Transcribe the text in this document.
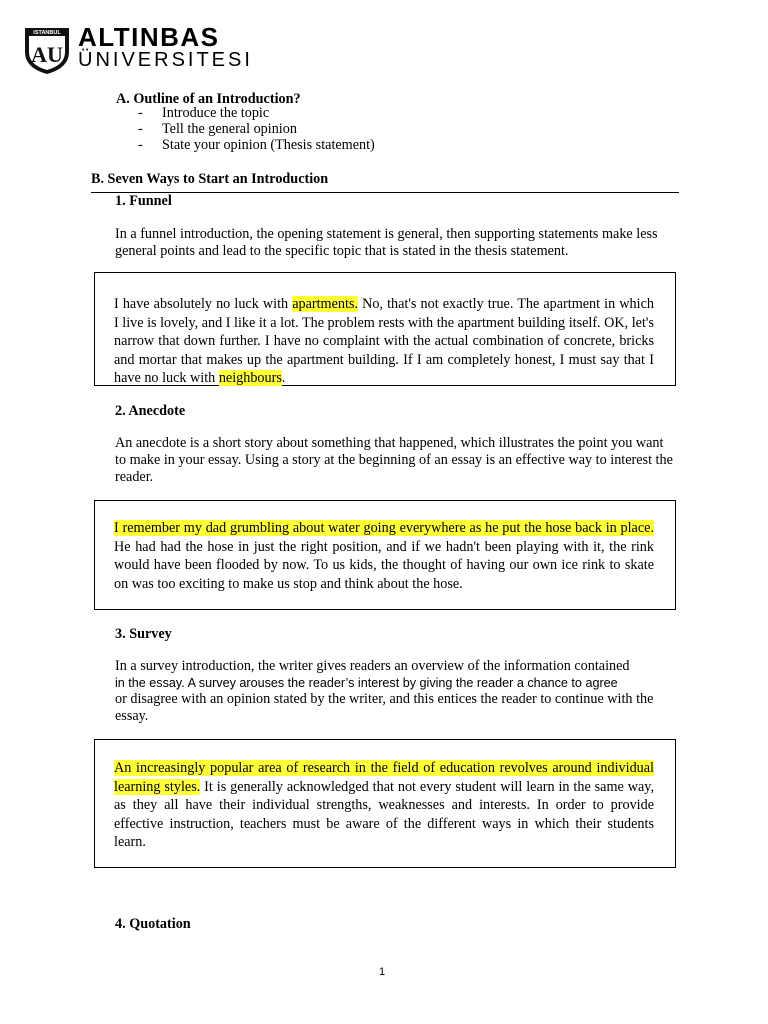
ISTANBUL
AU
ALTINBAS
ÜNIVERSITESI
A. Outline of an Introduction?
- Introduce the topic
- Tell the general opinion
- State your opinion (Thesis statement)
B. Seven Ways to Start an Introduction
1. Funnel
In a funnel introduction, the opening statement is general, then supporting statements make less general points and lead to the specific topic that is stated in the thesis statement.
I have absolutely no luck with apartments. No, that's not exactly true. The apartment in which I live is lovely, and I like it a lot. The problem rests with the apartment building itself. OK, let's narrow that down further. I have no complaint with the actual combination of concrete, bricks and mortar that makes up the apartment building. If I am completely honest, I must say that I have no luck with neighbours.
2. Anecdote
An anecdote is a short story about something that happened, which illustrates the point you want to make in your essay. Using a story at the beginning of an essay is an effective way to interest the reader.
I remember my dad grumbling about water going everywhere as he put the hose back in place. He had had the hose in just the right position, and if we hadn't been playing with it, the rink would have been flooded by now. To us kids, the thought of having our own ice rink to skate on was too exciting to make us stop and think about the hose.
3. Survey
In a survey introduction, the writer gives readers an overview of the information contained
in the essay. A survey arouses the reader’s interest by giving the reader a chance to agree
or disagree with an opinion stated by the writer, and this entices the reader to continue with the essay.
An increasingly popular area of research in the field of education revolves around individual learning styles. It is generally acknowledged that not every student will learn in the same way, as they all have their individual strengths, weaknesses and interests. In order to provide effective instruction, teachers must be aware of the different ways in which their students learn.
4. Quotation
1
